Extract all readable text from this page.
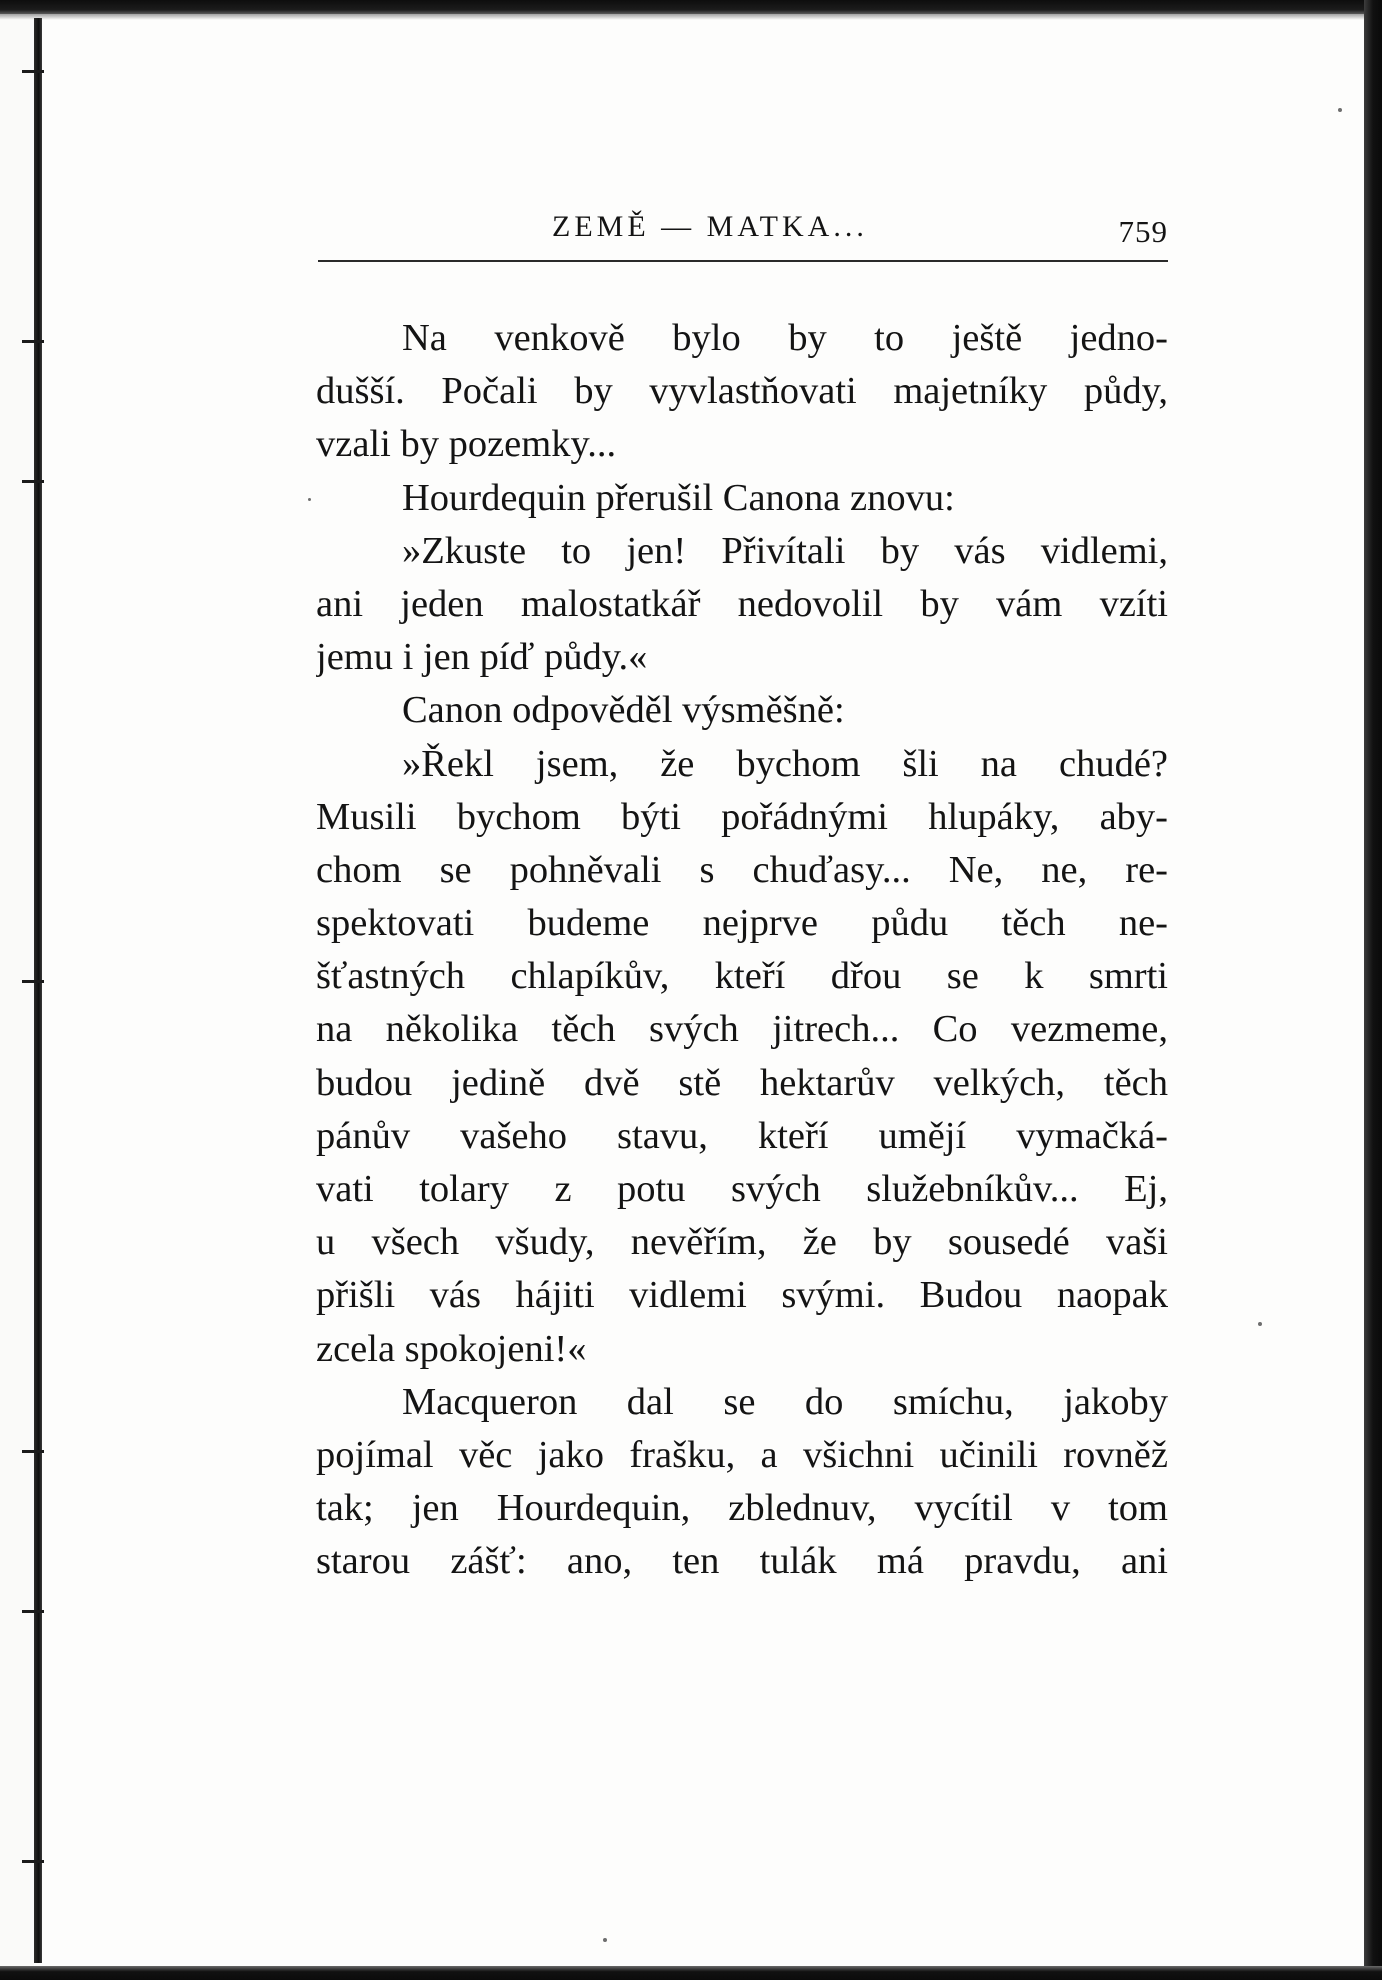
ZEMĚ — MATKA...	759
Na venkově bylo by to ještě jedno-
dušší. Počali by vyvlastňovati majetníky půdy,
vzali by pozemky...
Hourdequin přerušil Canona znovu:
»Zkuste to jen! Přivítali by vás vidlemi,
ani jeden malostatkář nedovolil by vám vzíti
jemu i jen píď půdy.«
Canon odpověděl výsměšně:
»Řekl jsem, že bychom šli na chudé?
Musili bychom býti pořádnými hlupáky, aby-
chom se pohněvali s chuďasy... Ne, ne, re-
spektovati budeme nejprve půdu těch ne-
šťastných chlapíkův, kteří dřou se k smrti
na několika těch svých jitrech... Co vezmeme,
budou jedině dvě stě hektarův velkých, těch
pánův vašeho stavu, kteří umějí vymačká-
vati tolary z potu svých služebníkův... Ej,
u všech všudy, nevěřím, že by sousedé vaši
přišli vás hájiti vidlemi svými. Budou naopak
zcela spokojeni!«
Macqueron dal se do smíchu, jakoby
pojímal věc jako frašku, a všichni učinili rovněž
tak; jen Hourdequin, zblednuv, vycítil v tom
starou zášť: ano, ten tulák má pravdu, ani
